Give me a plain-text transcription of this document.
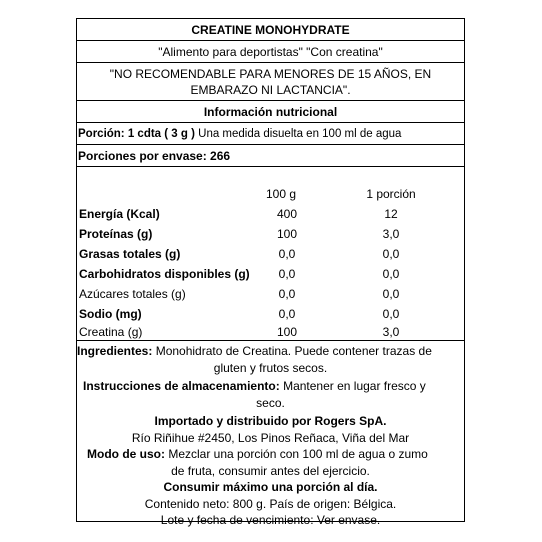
CREATINE MONOHYDRATE
"Alimento para deportistas" "Con creatina"
"NO RECOMENDABLE PARA MENORES DE 15 AÑOS, EN
EMBARAZO NI LACTANCIA".
Información nutricional
Porción: 1 cdta ( 3 g ) Una medida disuelta en 100 ml de agua
Porciones por envase: 266
100 g	1 porción
Energía (Kcal)	400	12
Proteínas (g)	100	3,0
Grasas totales (g)	0,0	0,0
Carbohidratos disponibles (g)	0,0	0,0
Azúcares totales (g)	0,0	0,0
Sodio (mg)	0,0	0,0
Creatina (g)	100	3,0
Ingredientes: Monohidrato de Creatina. Puede contener trazas de
gluten y frutos secos.
Instrucciones de almacenamiento: Mantener en lugar fresco y
seco.
Importado y distribuido por Rogers SpA.
Río Riñihue #2450, Los Pinos Reñaca, Viña del Mar
Modo de uso: Mezclar una porción con 100 ml de agua o zumo
de fruta, consumir antes del ejercicio.
Consumir máximo una porción al día.
Contenido neto: 800 g. País de origen: Bélgica.
Lote y fecha de vencimiento: Ver envase.
